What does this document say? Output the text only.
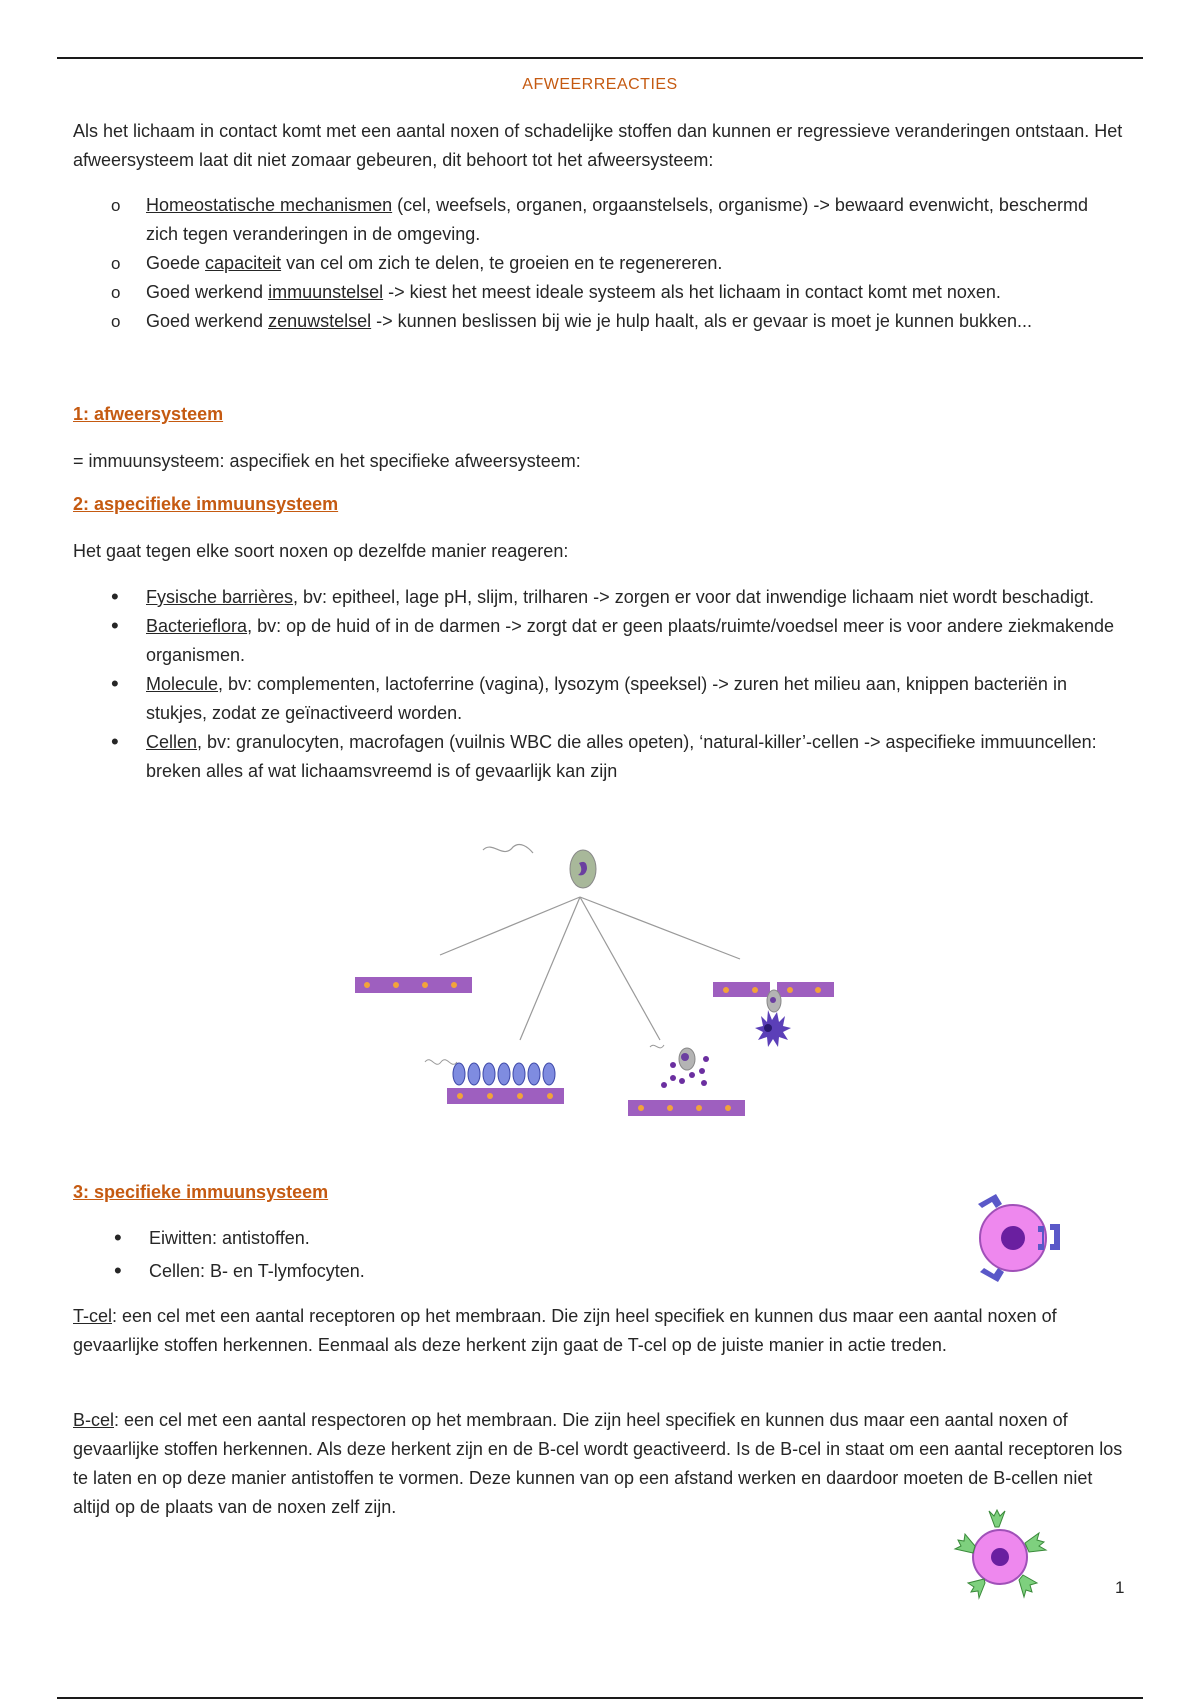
AFWEERREACTIES

Als het lichaam in contact komt met een aantal noxen of schadelijke stoffen dan kunnen er regressieve veranderingen ontstaan. Het afweersysteem laat dit niet zomaar gebeuren, dit behoort tot het afweersysteem:

o Homeostatische mechanismen (cel, weefsels, organen, orgaanstelsels, organisme) -> bewaard evenwicht, beschermd zich tegen veranderingen in de omgeving.
o Goede capaciteit van cel om zich te delen, te groeien en te regenereren.
o Goed werkend immuunstelsel -> kiest het meest ideale systeem als het lichaam in contact komt met noxen.
o Goed werkend zenuwstelsel -> kunnen beslissen bij wie je hulp haalt, als er gevaar is moet je kunnen bukken...
1: afweersysteem

= immuunsysteem: aspecifiek en het specifieke afweersysteem:

2: aspecifieke immuunsysteem

Het gaat tegen elke soort noxen op dezelfde manier reageren:

• Fysische barrières, bv: epitheel, lage pH, slijm, trilharen -> zorgen er voor dat inwendige lichaam niet wordt beschadigt.
• Bacterieflora, bv: op de huid of in de darmen -> zorgt dat er geen plaats/ruimte/voedsel meer is voor andere ziekmakende organismen.
• Molecule, bv: complementen, lactoferrine (vagina), lysozym (speeksel) -> zuren het milieu aan, knippen bacteriën in stukjes, zodat ze geïnactiveerd worden.
• Cellen, bv: granulocyten, macrofagen (vuilnis WBC die alles opeten), ‘natural-killer’-cellen -> aspecifieke immuuncellen: breken alles af wat lichaamsvreemd is of gevaarlijk kan zijn
3: specifieke immuunsysteem
• Eiwitten: antistoffen.
• Cellen: B- en T-lymfocyten.

T-cel: een cel met een aantal receptoren op het membraan. Die zijn heel specifiek en kunnen dus maar een aantal noxen of gevaarlijke stoffen herkennen. Eenmaal als deze herkent zijn gaat de T-cel op de juiste manier in actie treden.

B-cel: een cel met een aantal respectoren op het membraan. Die zijn heel specifiek en kunnen dus maar een aantal noxen of gevaarlijke stoffen herkennen. Als deze herkent zijn en de B-cel wordt geactiveerd. Is de B-cel in staat om een aantal receptoren los te laten en op deze manier antistoffen te vormen. Deze kunnen van op een afstand werken en daardoor moeten de B-cellen niet altijd op de plaats van de noxen zelf zijn.

1
